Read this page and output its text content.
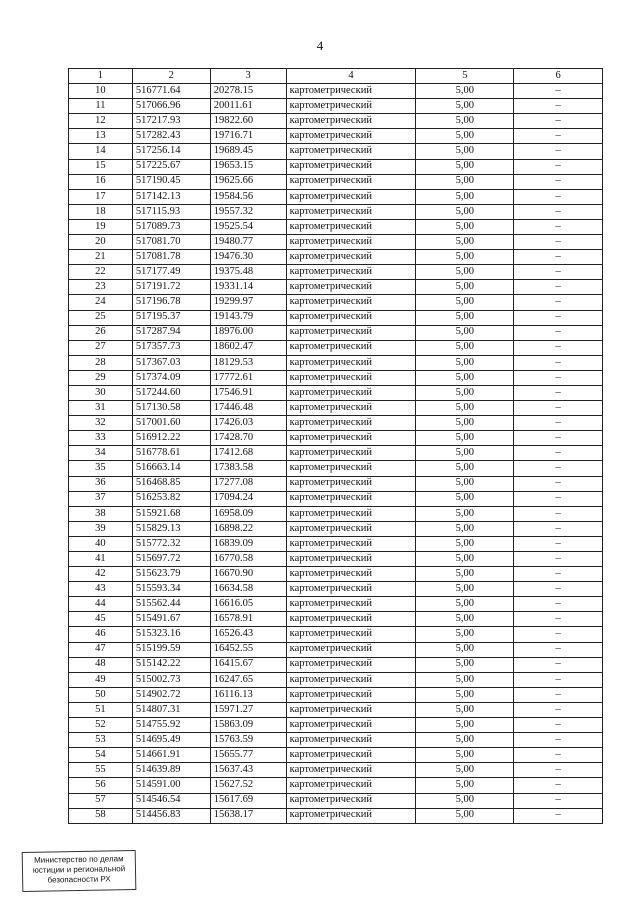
4
1	2	3	4	5	6
10	516771.64	20278.15	картометрический	5,00	–
11	517066.96	20011.61	картометрический	5,00	–
12	517217.93	19822.60	картометрический	5,00	–
13	517282.43	19716.71	картометрический	5,00	–
14	517256.14	19689.45	картометрический	5,00	–
15	517225.67	19653.15	картометрический	5,00	–
16	517190.45	19625.66	картометрический	5,00	–
17	517142.13	19584.56	картометрический	5,00	–
18	517115.93	19557.32	картометрический	5,00	–
19	517089.73	19525.54	картометрический	5,00	–
20	517081.70	19480.77	картометрический	5,00	–
21	517081.78	19476.30	картометрический	5,00	–
22	517177.49	19375.48	картометрический	5,00	–
23	517191.72	19331.14	картометрический	5,00	–
24	517196.78	19299.97	картометрический	5,00	–
25	517195.37	19143.79	картометрический	5,00	–
26	517287.94	18976.00	картометрический	5,00	–
27	517357.73	18602.47	картометрический	5,00	–
28	517367.03	18129.53	картометрический	5,00	–
29	517374.09	17772.61	картометрический	5,00	–
30	517244.60	17546.91	картометрический	5,00	–
31	517130.58	17446.48	картометрический	5,00	–
32	517001.60	17426.03	картометрический	5,00	–
33	516912.22	17428.70	картометрический	5,00	–
34	516778.61	17412.68	картометрический	5,00	–
35	516663.14	17383.58	картометрический	5,00	–
36	516468.85	17277.08	картометрический	5,00	–
37	516253.82	17094.24	картометрический	5,00	–
38	515921.68	16958.09	картометрический	5,00	–
39	515829.13	16898.22	картометрический	5,00	–
40	515772.32	16839.09	картометрический	5,00	–
41	515697.72	16770.58	картометрический	5,00	–
42	515623.79	16670.90	картометрический	5,00	–
43	515593.34	16634.58	картометрический	5,00	–
44	515562.44	16616.05	картометрический	5,00	–
45	515491.67	16578.91	картометрический	5,00	–
46	515323.16	16526.43	картометрический	5,00	–
47	515199.59	16452.55	картометрический	5,00	–
48	515142.22	16415.67	картометрический	5,00	–
49	515002.73	16247.65	картометрический	5,00	–
50	514902.72	16116.13	картометрический	5,00	–
51	514807.31	15971.27	картометрический	5,00	–
52	514755.92	15863.09	картометрический	5,00	–
53	514695.49	15763.59	картометрический	5,00	–
54	514661.91	15655.77	картометрический	5,00	–
55	514639.89	15637.43	картометрический	5,00	–
56	514591.00	15627.52	картометрический	5,00	–
57	514546.54	15617.69	картометрический	5,00	–
58	514456.83	15638.17	картометрический	5,00	–
Министерство по делам
юстиции и региональной
безопасности РХ
